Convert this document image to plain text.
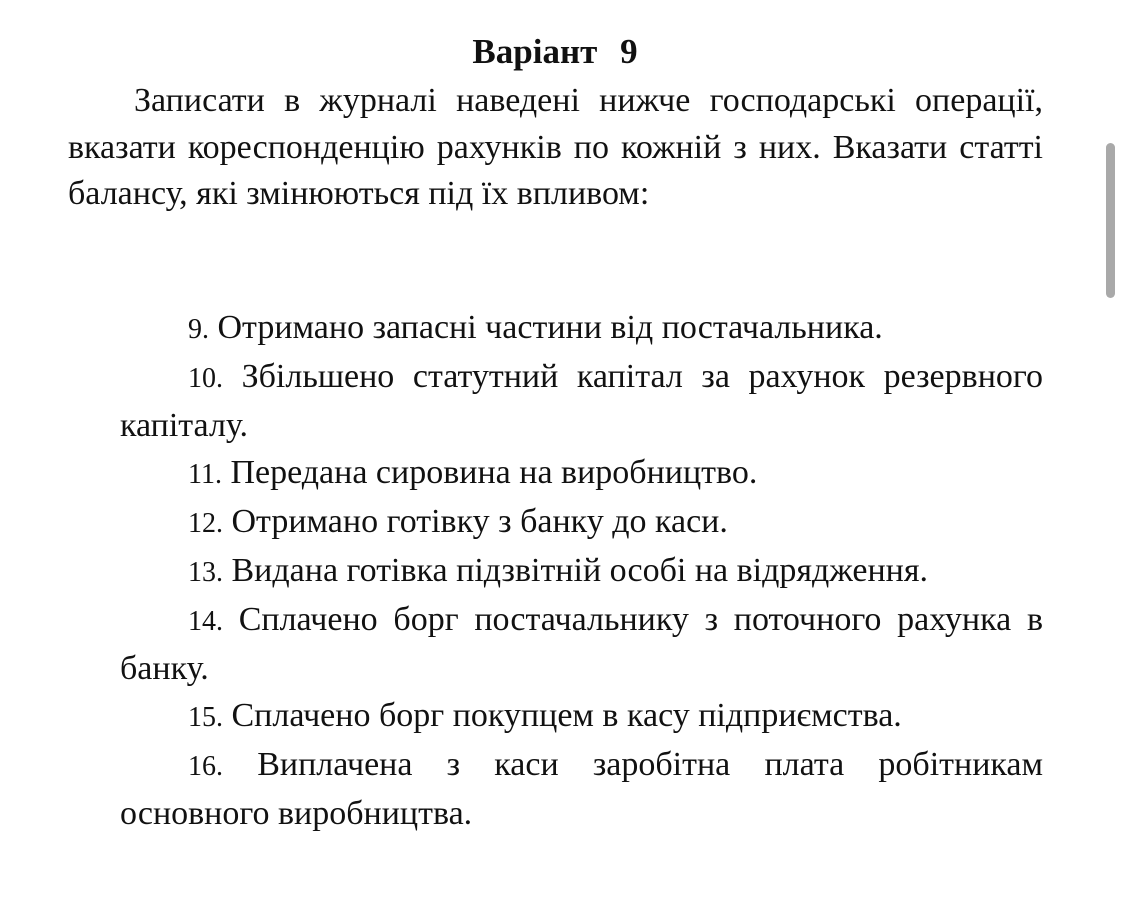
Варіант 9

Записати в журналі наведені нижче господарські операції, вказати кореспонденцію рахунків по кожній з них. Вказати статті балансу, які змінюються під їх впливом:

9. Отримано запасні частини від постачальника.

10. Збільшено статутний капітал за рахунок резервного капіталу.

11. Передана сировина на виробництво.

12. Отримано готівку з банку до каси.

13. Видана готівка підзвітній особі на відрядження.

14. Сплачено борг постачальнику з поточного рахунка в банку.

15. Сплачено борг покупцем в касу підприємства.

16. Виплачена з каси заробітна плата робітникам основного виробництва.
